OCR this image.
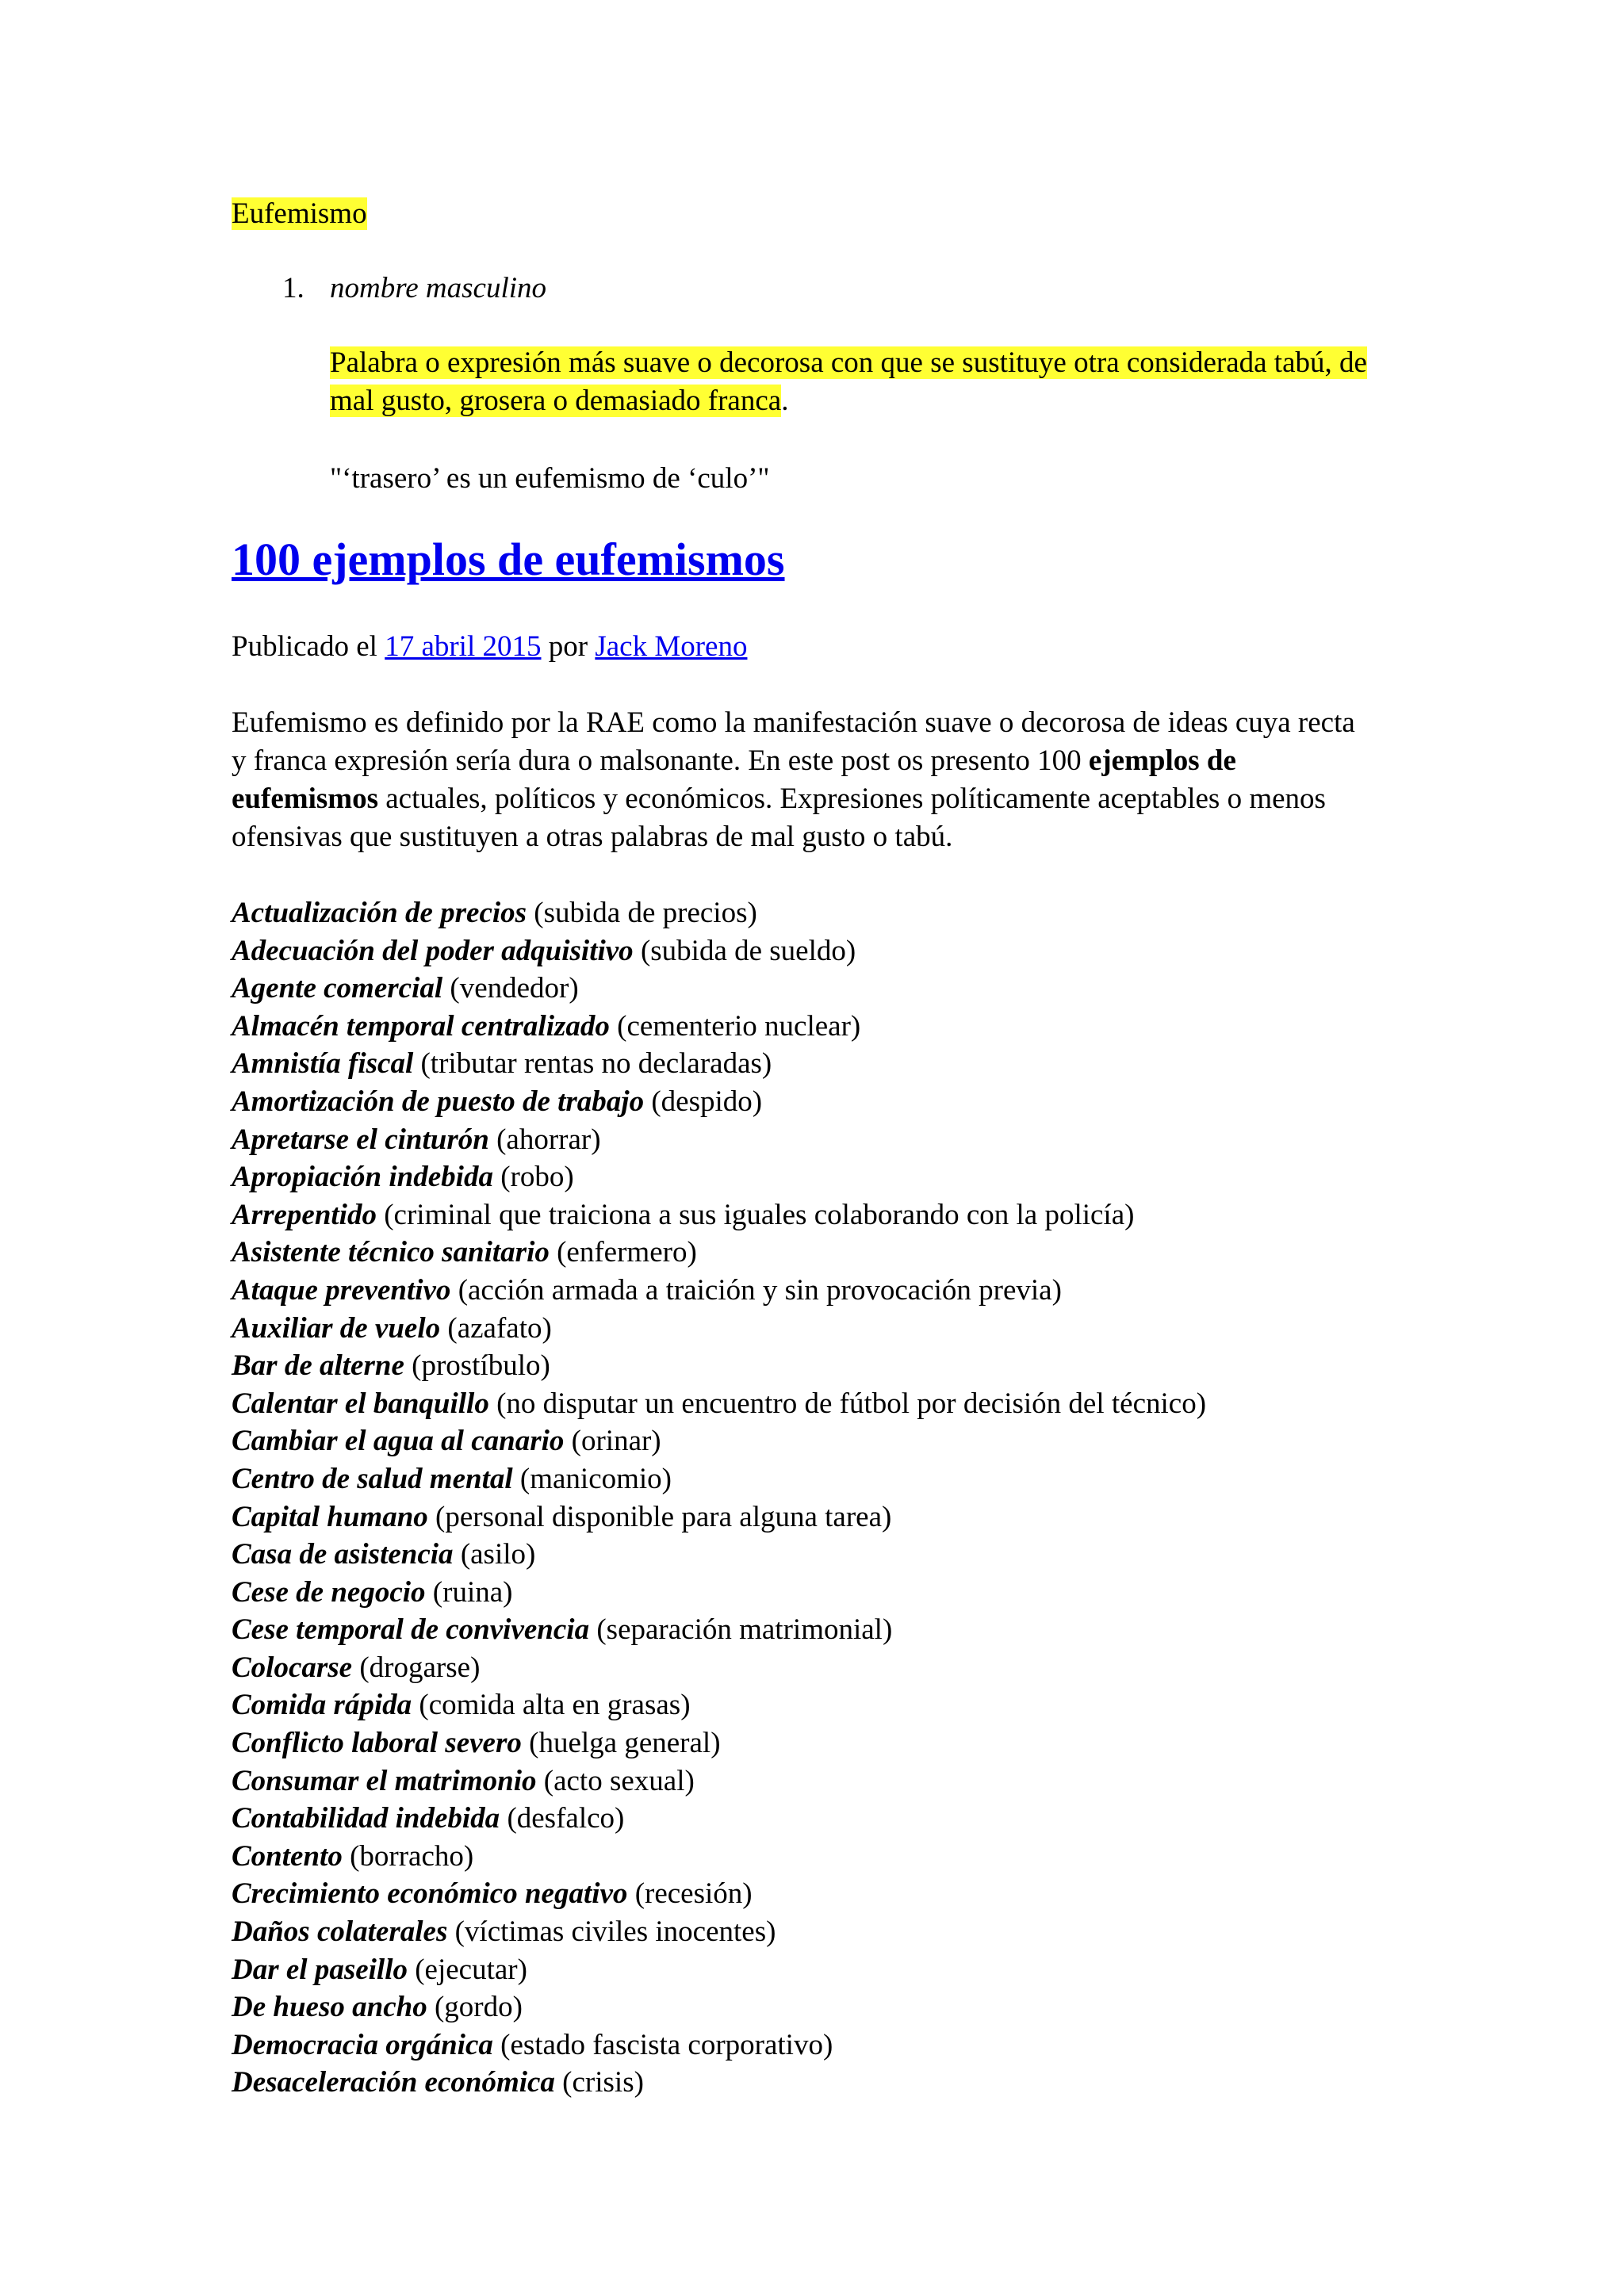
Eufemismo
1. nombre masculino
Palabra o expresión más suave o decorosa con que se sustituye otra considerada tabú, de mal gusto, grosera o demasiado franca.
"‘trasero’ es un eufemismo de ‘culo’"
100 ejemplos de eufemismos
Publicado el 17 abril 2015 por Jack Moreno

Eufemismo es definido por la RAE como la manifestación suave o decorosa de ideas cuya recta y franca expresión sería dura o malsonante. En este post os presento 100 ejemplos de eufemismos actuales, políticos y económicos. Expresiones políticamente aceptables o menos ofensivas que sustituyen a otras palabras de mal gusto o tabú.

Actualización de precios (subida de precios)
Adecuación del poder adquisitivo (subida de sueldo)
Agente comercial (vendedor)
Almacén temporal centralizado (cementerio nuclear)
Amnistía fiscal (tributar rentas no declaradas)
Amortización de puesto de trabajo (despido)
Apretarse el cinturón (ahorrar)
Apropiación indebida (robo)
Arrepentido (criminal que traiciona a sus iguales colaborando con la policía)
Asistente técnico sanitario (enfermero)
Ataque preventivo (acción armada a traición y sin provocación previa)
Auxiliar de vuelo (azafato)
Bar de alterne (prostíbulo)
Calentar el banquillo (no disputar un encuentro de fútbol por decisión del técnico)
Cambiar el agua al canario (orinar)
Centro de salud mental (manicomio)
Capital humano (personal disponible para alguna tarea)
Casa de asistencia (asilo)
Cese de negocio (ruina)
Cese temporal de convivencia (separación matrimonial)
Colocarse (drogarse)
Comida rápida (comida alta en grasas)
Conflicto laboral severo (huelga general)
Consumar el matrimonio (acto sexual)
Contabilidad indebida (desfalco)
Contento (borracho)
Crecimiento económico negativo (recesión)
Daños colaterales (víctimas civiles inocentes)
Dar el paseillo (ejecutar)
De hueso ancho (gordo)
Democracia orgánica (estado fascista corporativo)
Desaceleración económica (crisis)
